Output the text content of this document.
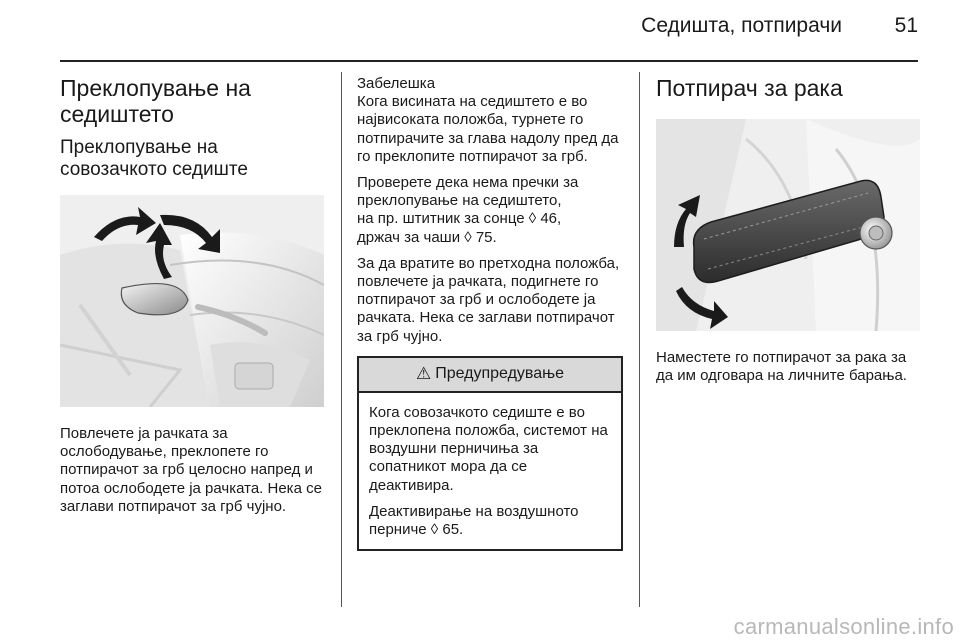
Седишта, потпирачи	51
Преклопување на седиштето
Преклопување на совозачкото седиште
Повлечете ја рачката за ослободување, преклопете го потпирачот за грб целосно напред и потоа ослободете ја рачката. Нека се заглави потпирачот за грб чујно.
Забелешка
Кога висината на седиштето е во највисоката положба, турнете го потпирачите за глава надолу пред да го преклопите потпирачот за грб.
Проверете дека нема пречки за преклопување на седиштето,
на пр. штитник за сонце ◊ 46,
држач за чаши ◊ 75.
За да вратите во претходна положба, повлечете ја рачката, подигнете го потпирачот за грб и ослободете ја рачката. Нека се заглави потпирачот за грб чујно.
⚠ Предупредување
Кога совозачкото седиште е во преклопена положба, системот на воздушни перничиња за сопатникот мора да се деактивира.
Деактивирање на воздушното перниче ◊ 65.
Потпирач за рака
Наместете го потпирачот за рака за да им одговара на личните барања.
carmanualsonline.info
